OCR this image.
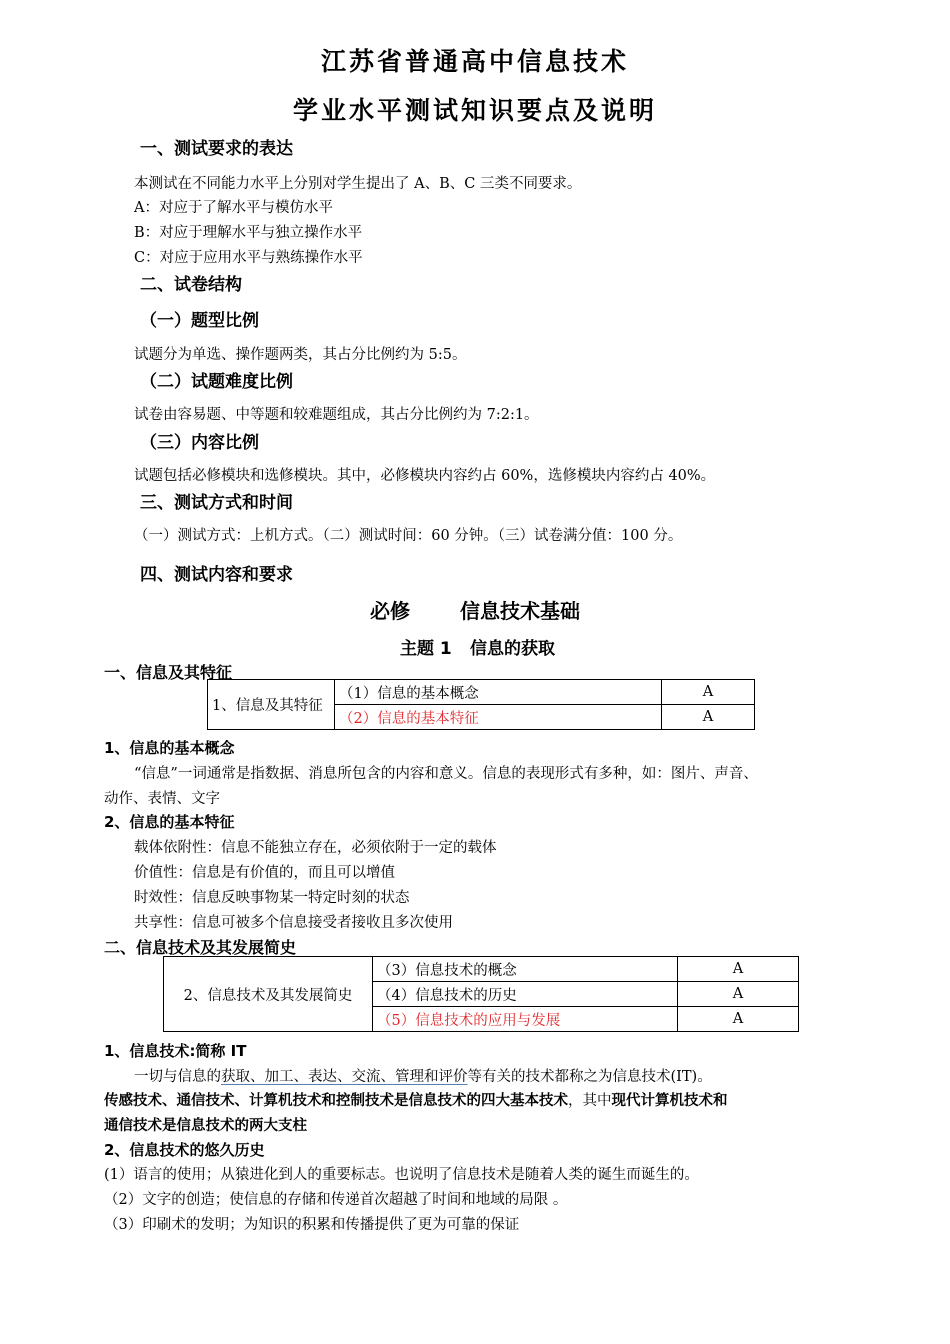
江苏省普通高中信息技术
学业水平测试知识要点及说明
一、测试要求的表达
本测试在不同能力水平上分别对学生提出了 A、B、C 三类不同要求。
A：对应于了解水平与模仿水平
B：对应于理解水平与独立操作水平
C：对应于应用水平与熟练操作水平
二、试卷结构
（一）题型比例
试题分为单选、操作题两类，其占分比例约为 5:5。
（二）试题难度比例
试卷由容易题、中等题和较难题组成，其占分比例约为 7:2:1。
（三）内容比例
试题包括必修模块和选修模块。其中，必修模块内容约占 60%，选修模块内容约占 40%。
三、测试方式和时间
（一）测试方式：上机方式。（二）测试时间：60 分钟。（三）试卷满分值：100 分。
四、测试内容和要求
必修	信息技术基础
主题 1 信息的获取
一、信息及其特征
1、信息及其特征	（1）信息的基本概念	A
	（2）信息的基本特征	A
1、信息的基本概念
“信息”一词通常是指数据、消息所包含的内容和意义。信息的表现形式有多种，如：图片、声音、
动作、表情、文字
2、信息的基本特征
载体依附性：信息不能独立存在，必须依附于一定的载体
价值性：信息是有价值的，而且可以增值
时效性：信息反映事物某一特定时刻的状态
共享性：信息可被多个信息接受者接收且多次使用
二、信息技术及其发展简史
2、信息技术及其发展简史	（3）信息技术的概念	A
	（4）信息技术的历史	A
	（5）信息技术的应用与发展	A
1、信息技术:简称 IT
一切与信息的获取、加工、表达、交流、管理和评价等有关的技术都称之为信息技术(IT)。
传感技术、通信技术、计算机技术和控制技术是信息技术的四大基本技术，其中现代计算机技术和
通信技术是信息技术的两大支柱
2、信息技术的悠久历史
(1）语言的使用；从猿进化到人的重要标志。也说明了信息技术是随着人类的诞生而诞生的。
（2）文字的创造；使信息的存储和传递首次超越了时间和地域的局限 。
（3）印刷术的发明；为知识的积累和传播提供了更为可靠的保证
